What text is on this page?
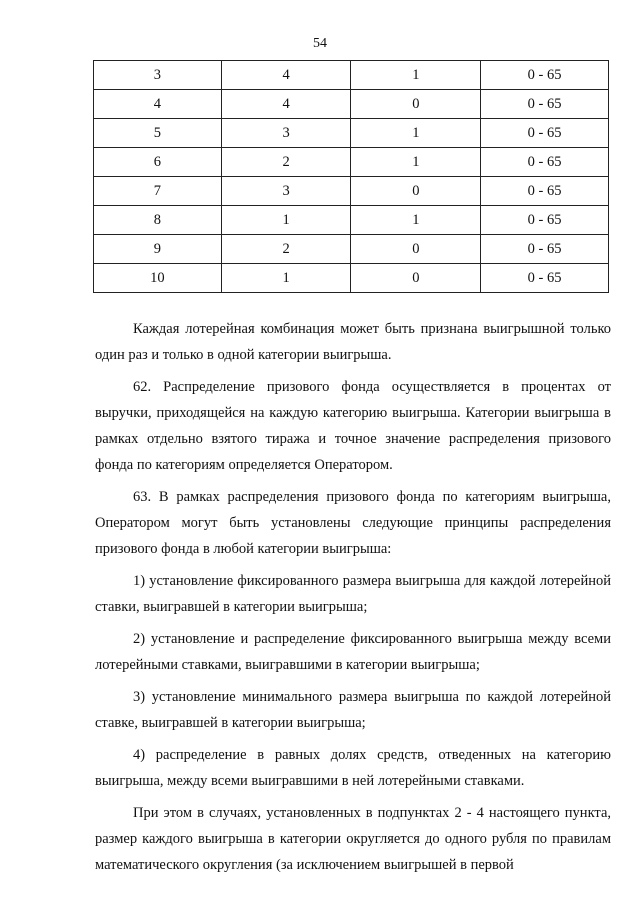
54
3	4	1	0 - 65
4	4	0	0 - 65
5	3	1	0 - 65
6	2	1	0 - 65
7	3	0	0 - 65
8	1	1	0 - 65
9	2	0	0 - 65
10	1	0	0 - 65

Каждая лотерейная комбинация может быть признана выигрышной только один раз и только в одной категории выигрыша.

62. Распределение призового фонда осуществляется в процентах от выручки, приходящейся на каждую категорию выигрыша. Категории выигрыша в рамках отдельно взятого тиража и точное значение распределения призового фонда по категориям определяется Оператором.

63. В рамках распределения призового фонда по категориям выигрыша, Оператором могут быть установлены следующие принципы распределения призового фонда в любой категории выигрыша:

1) установление фиксированного размера выигрыша для каждой лотерейной ставки, выигравшей в категории выигрыша;

2) установление и распределение фиксированного выигрыша между всеми лотерейными ставками, выигравшими в категории выигрыша;

3) установление минимального размера выигрыша по каждой лотерейной ставке, выигравшей в категории выигрыша;

4) распределение в равных долях средств, отведенных на категорию выигрыша, между всеми выигравшими в ней лотерейными ставками.

При этом в случаях, установленных в подпунктах 2 - 4 настоящего пункта, размер каждого выигрыша в категории округляется до одного рубля по правилам математического округления (за исключением выигрышей в первой
